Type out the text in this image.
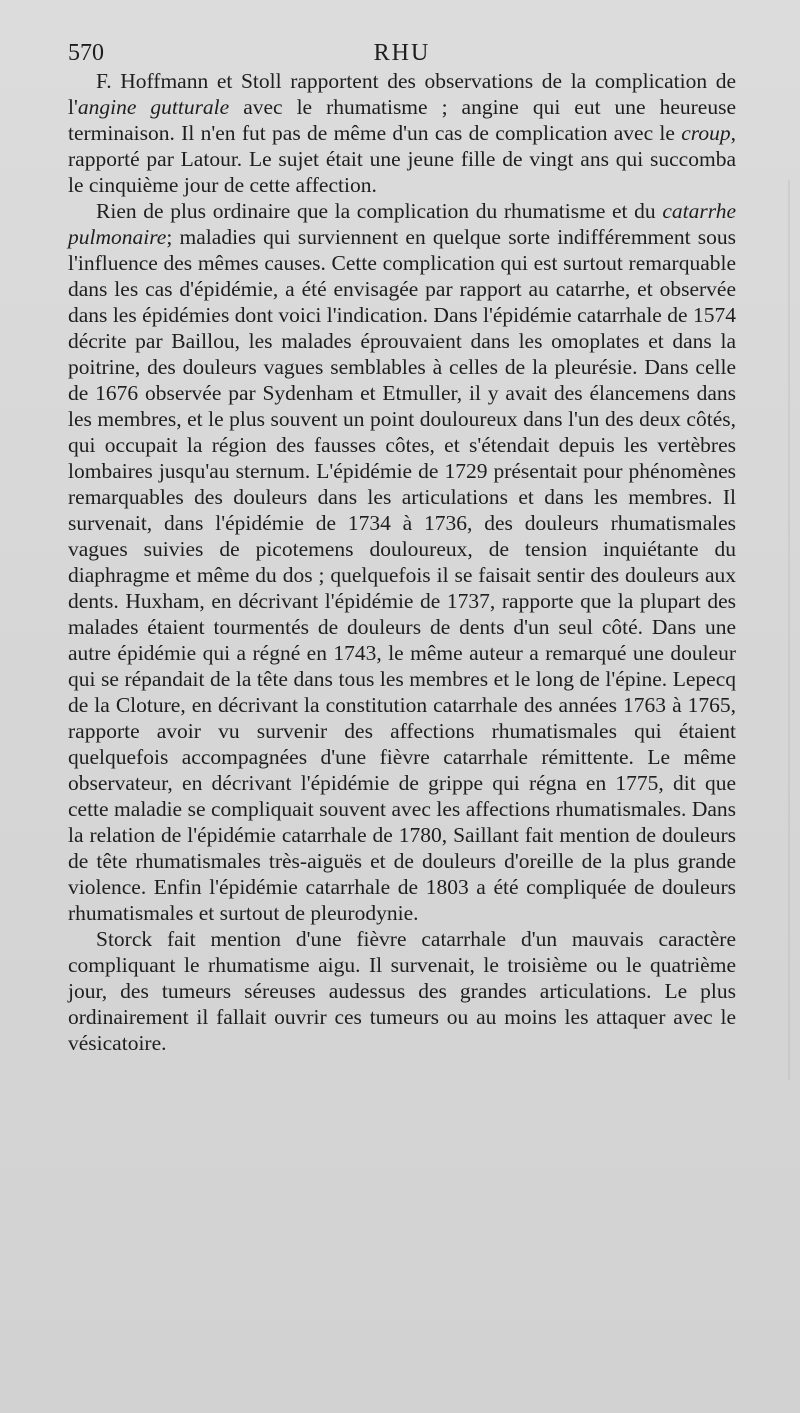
570	RHU

F. Hoffmann et Stoll rapportent des observations de la complication de l'angine gutturale avec le rhumatisme ; angine qui eut une heureuse terminaison. Il n'en fut pas de même d'un cas de complication avec le croup, rapporté par Latour. Le sujet était une jeune fille de vingt ans qui succomba le cinquième jour de cette affection.

Rien de plus ordinaire que la complication du rhumatisme et du catarrhe pulmonaire; maladies qui surviennent en quelque sorte indifféremment sous l'influence des mêmes causes. Cette complication qui est surtout remarquable dans les cas d'épidémie, a été envisagée par rapport au catarrhe, et observée dans les épidémies dont voici l'indication. Dans l'épidémie catarrhale de 1574 décrite par Baillou, les malades éprouvaient dans les omoplates et dans la poitrine, des douleurs vagues semblables à celles de la pleurésie. Dans celle de 1676 observée par Sydenham et Etmuller, il y avait des élancemens dans les membres, et le plus souvent un point douloureux dans l'un des deux côtés, qui occupait la région des fausses côtes, et s'étendait depuis les vertèbres lombaires jusqu'au sternum. L'épidémie de 1729 présentait pour phénomènes remarquables des douleurs dans les articulations et dans les membres. Il survenait, dans l'épidémie de 1734 à 1736, des douleurs rhumatismales vagues suivies de picotemens douloureux, de tension inquiétante du diaphragme et même du dos ; quelquefois il se faisait sentir des douleurs aux dents. Huxham, en décrivant l'épidémie de 1737, rapporte que la plupart des malades étaient tourmentés de douleurs de dents d'un seul côté. Dans une autre épidémie qui a régné en 1743, le même auteur a remarqué une douleur qui se répandait de la tête dans tous les membres et le long de l'épine. Lepecq de la Cloture, en décrivant la constitution catarrhale des années 1763 à 1765, rapporte avoir vu survenir des affections rhumatismales qui étaient quelquefois accompagnées d'une fièvre catarrhale rémittente. Le même observateur, en décrivant l'épidémie de grippe qui régna en 1775, dit que cette maladie se compliquait souvent avec les affections rhumatismales. Dans la relation de l'épidémie catarrhale de 1780, Saillant fait mention de douleurs de tête rhumatismales très-aiguës et de douleurs d'oreille de la plus grande violence. Enfin l'épidémie catarrhale de 1803 a été compliquée de douleurs rhumatismales et surtout de pleurodynie.

Storck fait mention d'une fièvre catarrhale d'un mauvais caractère compliquant le rhumatisme aigu. Il survenait, le troisième ou le quatrième jour, des tumeurs séreuses audessus des grandes articulations. Le plus ordinairement il fallait ouvrir ces tumeurs ou au moins les attaquer avec le vésicatoire.
